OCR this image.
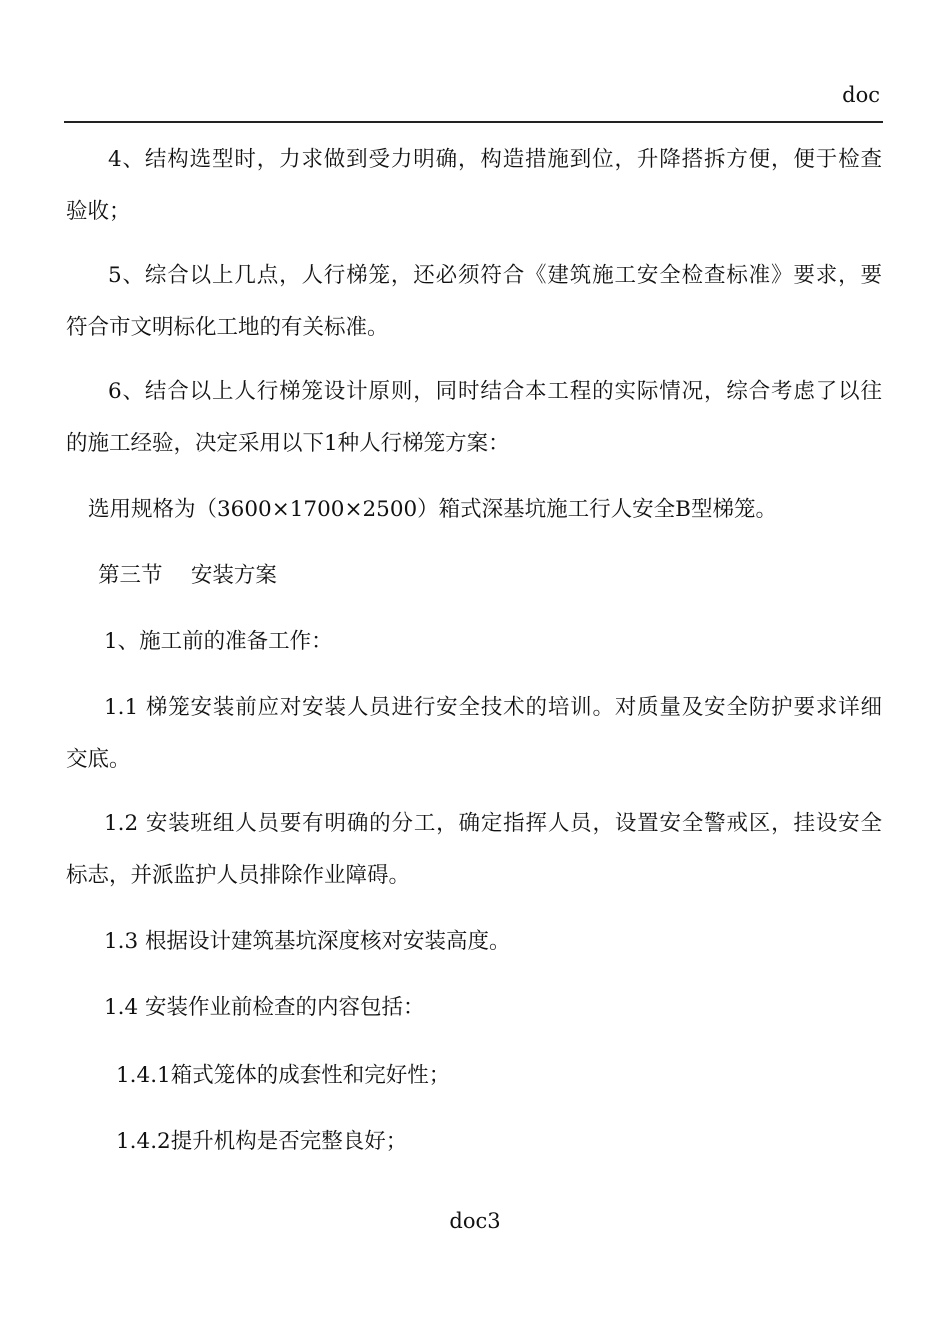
doc
4、结构选型时，力求做到受力明确，构造措施到位，升降搭拆方便，便于检查
验收；
5、综合以上几点，人行梯笼，还必须符合《建筑施工安全检查标准》要求，要
符合市文明标化工地的有关标准。
6、结合以上人行梯笼设计原则，同时结合本工程的实际情况，综合考虑了以往
的施工经验，决定采用以下1种人行梯笼方案：
选用规格为（3600×1700×2500）箱式深基坑施工行人安全B型梯笼。
第三节　 安装方案
1、施工前的准备工作：
1.1 梯笼安装前应对安装人员进行安全技术的培训。对质量及安全防护要求详细
交底。
1.2 安装班组人员要有明确的分工，确定指挥人员，设置安全警戒区，挂设安全
标志，并派监护人员排除作业障碍。
1.3 根据设计建筑基坑深度核对安装高度。
1.4 安装作业前检查的内容包括：
1.4.1箱式笼体的成套性和完好性；
1.4.2提升机构是否完整良好；
doc3
